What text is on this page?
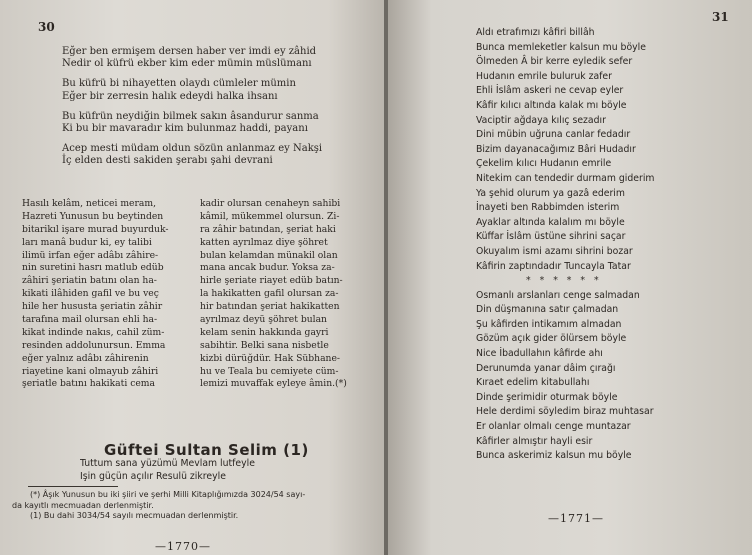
30
Eğer ben ermişem dersen haber ver imdi ey zâhid
Nedir ol küfrü ekber kim eder mümin müslümanı
Bu küfrü bi nihayetten olaydı cümleler mümin
Eğer bir zerresin halık edeydi halka ihsanı
Bu küfrün neydiğin bilmek sakın âsandurur sanma
Ki bu bir mavaradır kim bulunmaz haddi, payanı
Acep mesti müdam oldun sözün anlanmaz ey Nakşi
İç elden desti sakiden şerabı şahi devrani
Hasılı kelâm, neticei meram,
Hazreti Yunusun bu beytinden
bitarikıl işare murad buyurduk-
ları manâ budur ki, ey talibi
ilimü irfan eğer adâbı zâhire-
nin suretini hasrı matlub edüb
zâhiri şeriatin batını olan ha-
kikati ilâhiden gafil ve bu veç
hile her hususta şeriatin zâhir
tarafına mail olursan ehli ha-
kikat indinde nakıs, cahil züm-
resinden addolunursun. Emma
eğer yalnız adâbı zâhirenin
riayetine kani olmayub zâhiri
şeriatle batını hakikati cema
kadir olursan cenaheyn sahibi
kâmil, mükemmel olursun. Zi-
ra zâhir batından, şeriat haki
katten ayrılmaz diye şöhret
bulan kelamdan münakil olan
mana ancak budur. Yoksa za-
hirle şeriate riayet edüb batın-
la hakikatten gafil olursan za-
hir batından şeriat hakikatten
ayrılmaz deyü şöhret bulan
kelam senin hakkında gayri
sabihtir. Belki sana nisbetle
kizbi dürüğdür. Hak Sübhane-
hu ve Teala bu cemiyete cüm-
lemizi muvaffak eyleye âmin.(*)
Güftei Sultan Selim (1)
Tuttum sana yüzümü Mevlam lutfeyle
İşin güçün açılır Resulü zikreyle
(*) Âşık Yunusun bu iki şiiri ve şerhi Milli Kitaplığımızda 3024/54 sayı-
da kayıtlı mecmuadan derlenmiştir.
(1) Bu dahi 3034/54 sayılı mecmuadan derlenmiştir.
—1770—
31
Aldı etrafımızı kâfiri billâh
Bunca memleketler kalsun mu böyle
Ölmeden Â bir kerre eyledik sefer
Hudanın emrile buluruk zafer
Ehli İslâm askeri ne cevap eyler
Kâfir kılıcı altında kalak mı böyle
Vaciptir ağdaya kılıç sezadır
Dini mübin uğruna canlar fedadır
Bizim dayanacağımız Bâri Hudadır
Çekelim kılıcı Hudanın emrile
Nitekim can tendedir durmam giderim
Ya şehid olurum ya gazâ ederim
İnayeti ben Rabbimden isterim
Ayaklar altında kalalım mı böyle
Küffar İslâm üstüne sihrini saçar
Okuyalım ismi azamı sihrini bozar
Kâfirin zaptındadır Tuncayla Tatar
* * * * * *
Osmanlı arslanları cenge salmadan
Din düşmanına satır çalmadan
Şu kâfirden intikamım almadan
Gözüm açık gider ölürsem böyle
Nice İbadullahın kâfirde ahı
Derunumda yanar dâim çırağı
Kıraet edelim kitabullahı
Dinde şerimidir oturmak böyle
Hele derdimi söyledim biraz muhtasar
Er olanlar olmalı cenge muntazar
Kâfirler almıştır hayli esir
Bunca askerimiz kalsun mu böyle
—1771—
